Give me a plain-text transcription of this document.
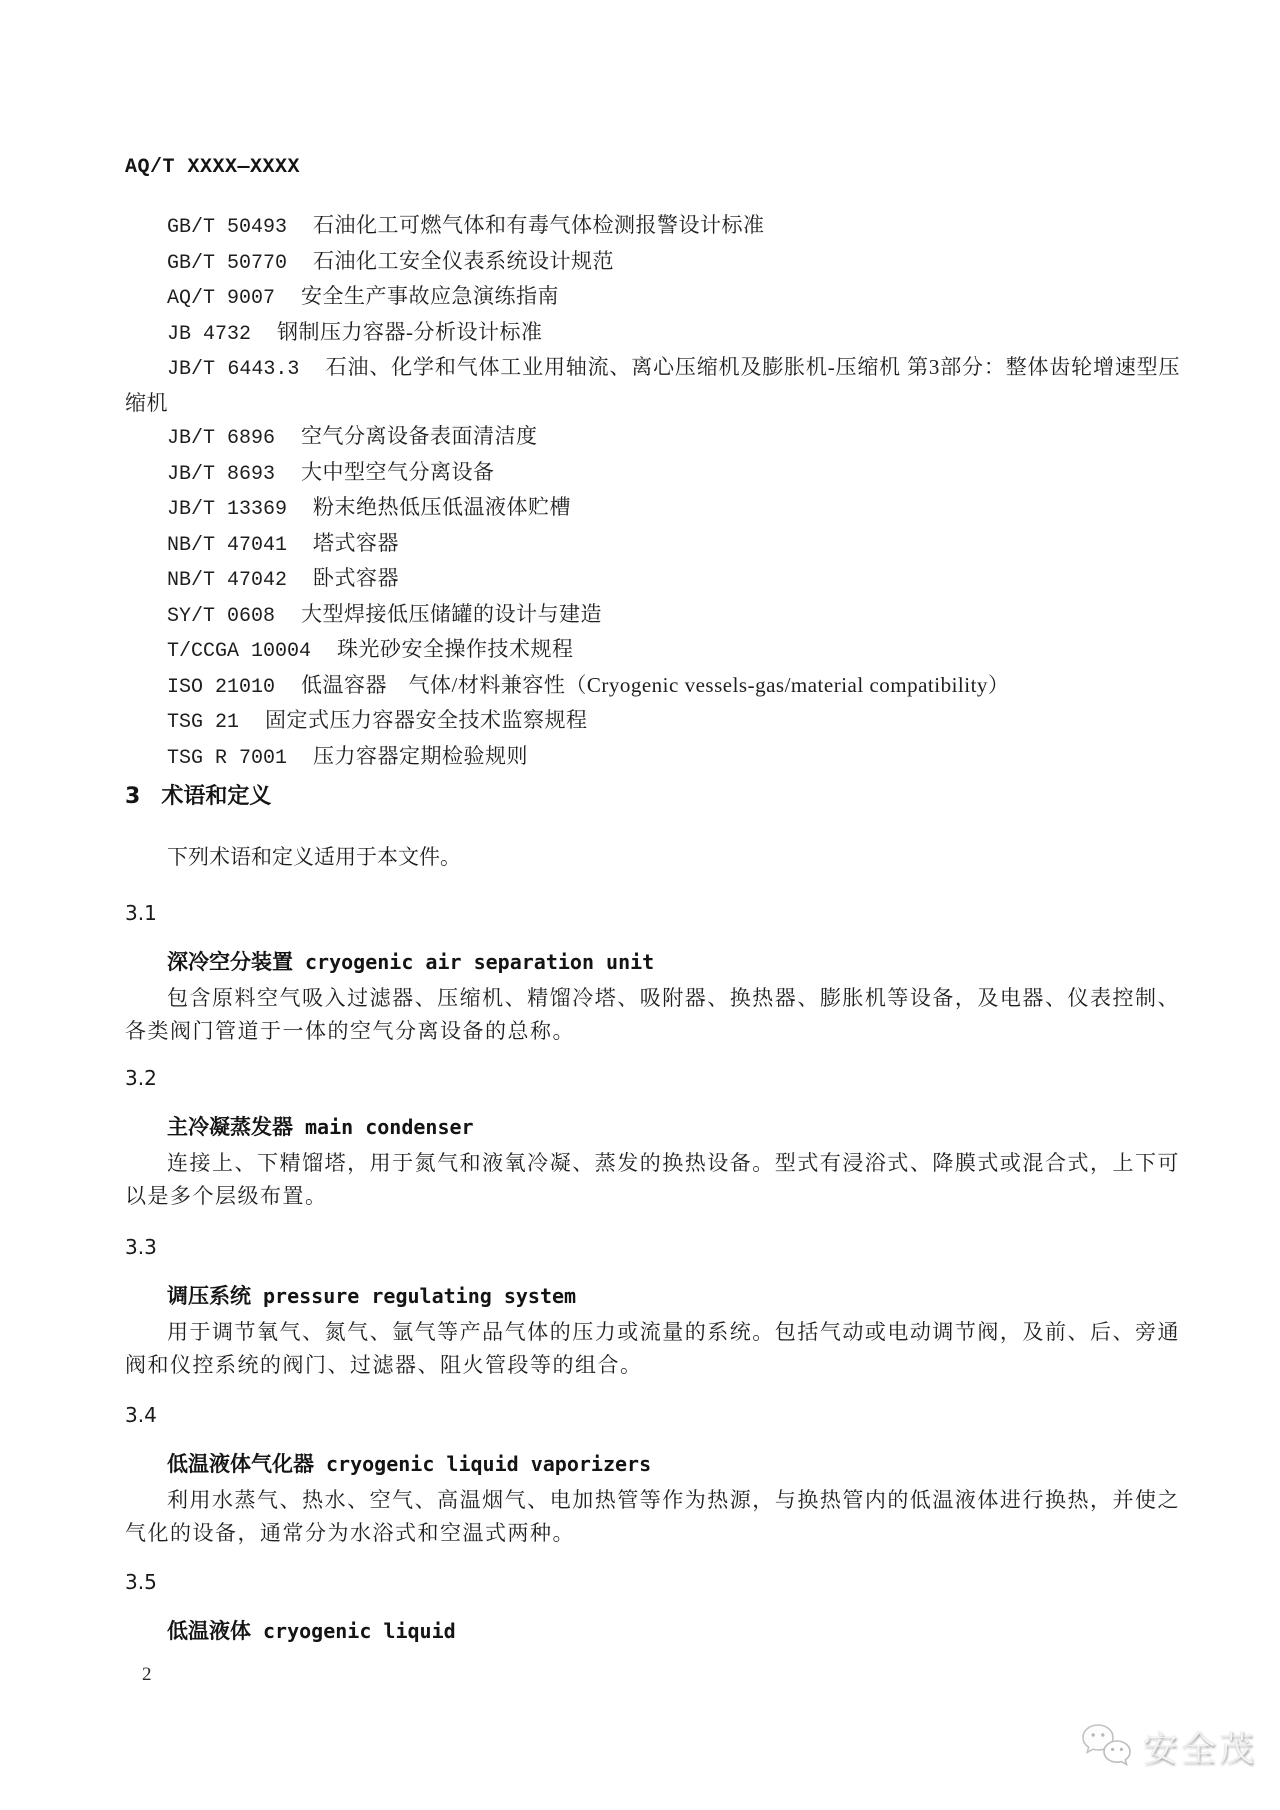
AQ/T XXXX—XXXX
GB/T 50493 石油化工可燃气体和有毒气体检测报警设计标准
GB/T 50770 石油化工安全仪表系统设计规范
AQ/T 9007 安全生产事故应急演练指南
JB 4732 钢制压力容器-分析设计标准
JB/T 6443.3 石油、化学和气体工业用轴流、离心压缩机及膨胀机-压缩机 第3部分：整体齿轮增速型压缩机
JB/T 6896 空气分离设备表面清洁度
JB/T 8693 大中型空气分离设备
JB/T 13369 粉末绝热低压低温液体贮槽
NB/T 47041 塔式容器
NB/T 47042 卧式容器
SY/T 0608 大型焊接低压储罐的设计与建造
T/CCGA 10004 珠光砂安全操作技术规程
ISO 21010 低温容器　气体/材料兼容性（Cryogenic vessels-gas/material compatibility）
TSG 21 固定式压力容器安全技术监察规程
TSG R 7001 压力容器定期检验规则
3 术语和定义
下列术语和定义适用于本文件。
3.1
深冷空分装置 cryogenic air separation unit
包含原料空气吸入过滤器、压缩机、精馏冷塔、吸附器、换热器、膨胀机等设备，及电器、仪表控制、各类阀门管道于一体的空气分离设备的总称。
3.2
主冷凝蒸发器 main condenser
连接上、下精馏塔，用于氮气和液氧冷凝、蒸发的换热设备。型式有浸浴式、降膜式或混合式，上下可以是多个层级布置。
3.3
调压系统 pressure regulating system
用于调节氧气、氮气、氩气等产品气体的压力或流量的系统。包括气动或电动调节阀，及前、后、旁通阀和仪控系统的阀门、过滤器、阻火管段等的组合。
3.4
低温液体气化器 cryogenic liquid vaporizers
利用水蒸气、热水、空气、高温烟气、电加热管等作为热源，与换热管内的低温液体进行换热，并使之气化的设备，通常分为水浴式和空温式两种。
3.5
低温液体 cryogenic liquid
2
安全茂
